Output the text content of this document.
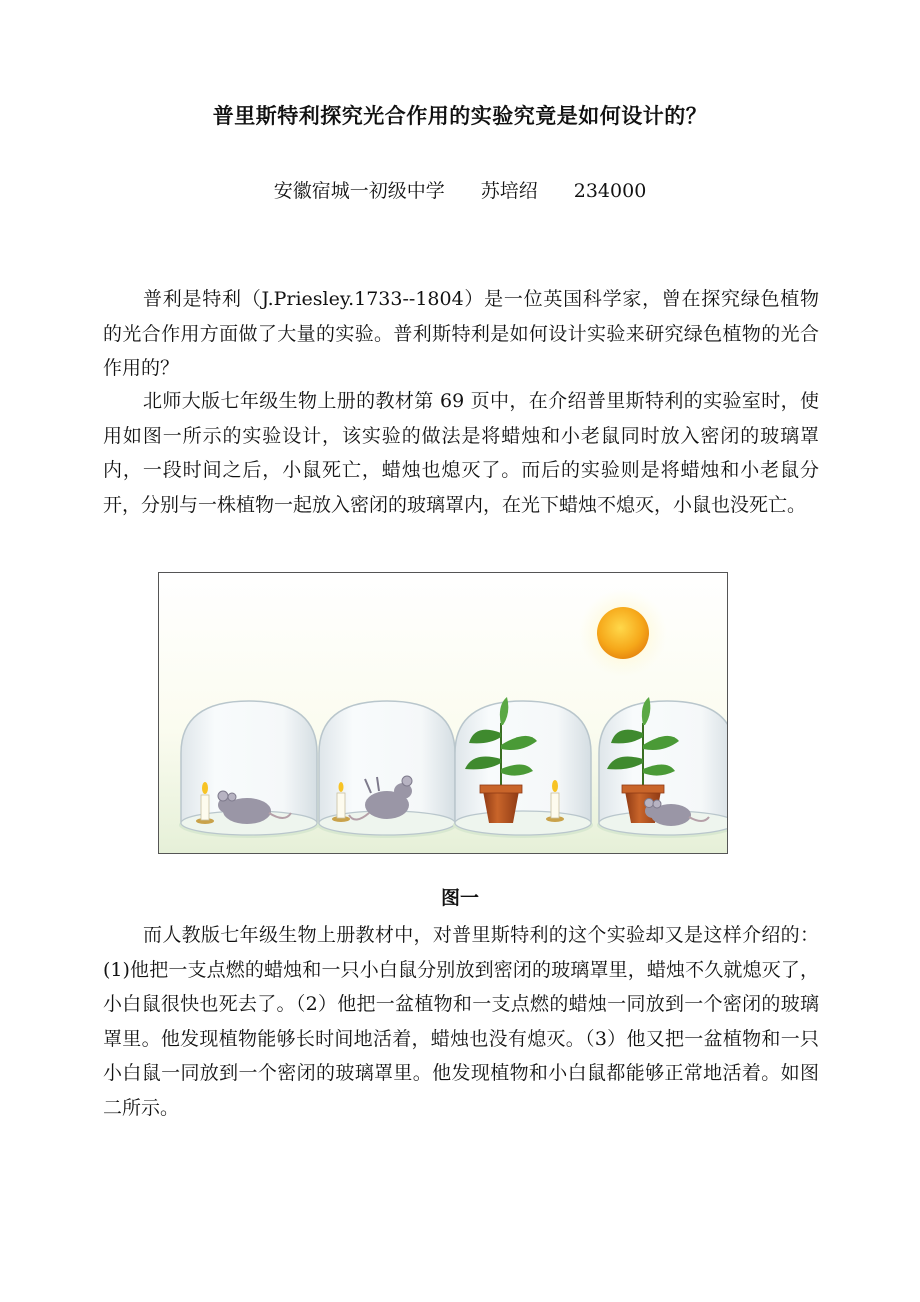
普里斯特利探究光合作用的实验究竟是如何设计的？
安徽宿城一初级中学 苏培绍 234000

普利是特利（J.Priesley.1733--1804）是一位英国科学家，曾在探究绿色植物的光合作用方面做了大量的实验。普利斯特利是如何设计实验来研究绿色植物的光合作用的？

北师大版七年级生物上册的教材第 69 页中，在介绍普里斯特利的实验室时，使用如图一所示的实验设计，该实验的做法是将蜡烛和小老鼠同时放入密闭的玻璃罩内，一段时间之后，小鼠死亡，蜡烛也熄灭了。而后的实验则是将蜡烛和小老鼠分开，分别与一株植物一起放入密闭的玻璃罩内，在光下蜡烛不熄灭，小鼠也没死亡。

图一

而人教版七年级生物上册教材中，对普里斯特利的这个实验却又是这样介绍的：(1)他把一支点燃的蜡烛和一只小白鼠分别放到密闭的玻璃罩里，蜡烛不久就熄灭了，小白鼠很快也死去了。（2）他把一盆植物和一支点燃的蜡烛一同放到一个密闭的玻璃罩里。他发现植物能够长时间地活着，蜡烛也没有熄灭。（3）他又把一盆植物和一只小白鼠一同放到一个密闭的玻璃罩里。他发现植物和小白鼠都能够正常地活着。如图二所示。
